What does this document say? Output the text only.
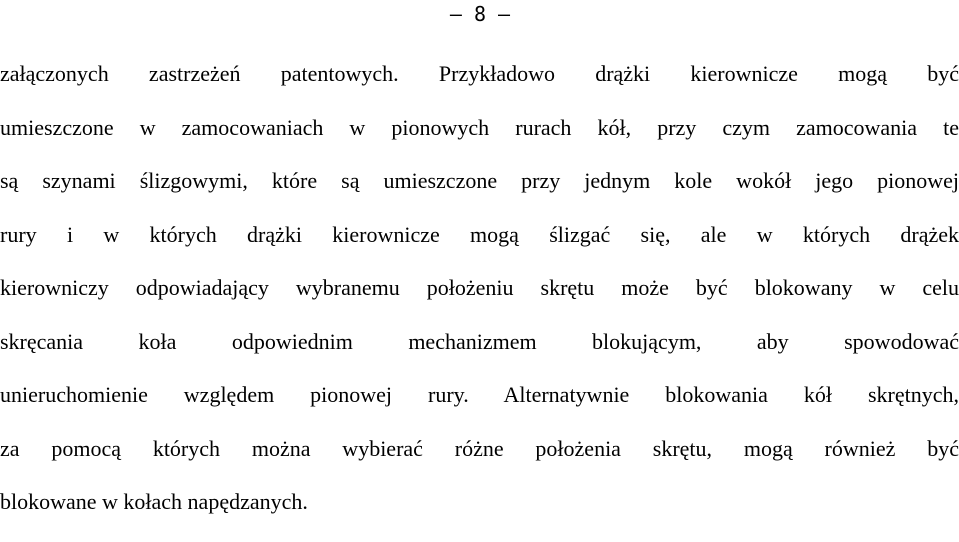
– 8 –
załączonych zastrzeżeń patentowych. Przykładowo drążki kierownicze mogą być
umieszczone w zamocowaniach w pionowych rurach kół, przy czym zamocowania te
są szynami ślizgowymi, które są umieszczone przy jednym kole wokół jego pionowej
rury i w których drążki kierownicze mogą ślizgać się, ale w których drążek
kierowniczy odpowiadający wybranemu położeniu skrętu może być blokowany w celu
skręcania koła odpowiednim mechanizmem blokującym, aby spowodować
unieruchomienie względem pionowej rury. Alternatywnie blokowania kół skrętnych,
za pomocą których można wybierać różne położenia skrętu, mogą również być
blokowane w kołach napędzanych.
